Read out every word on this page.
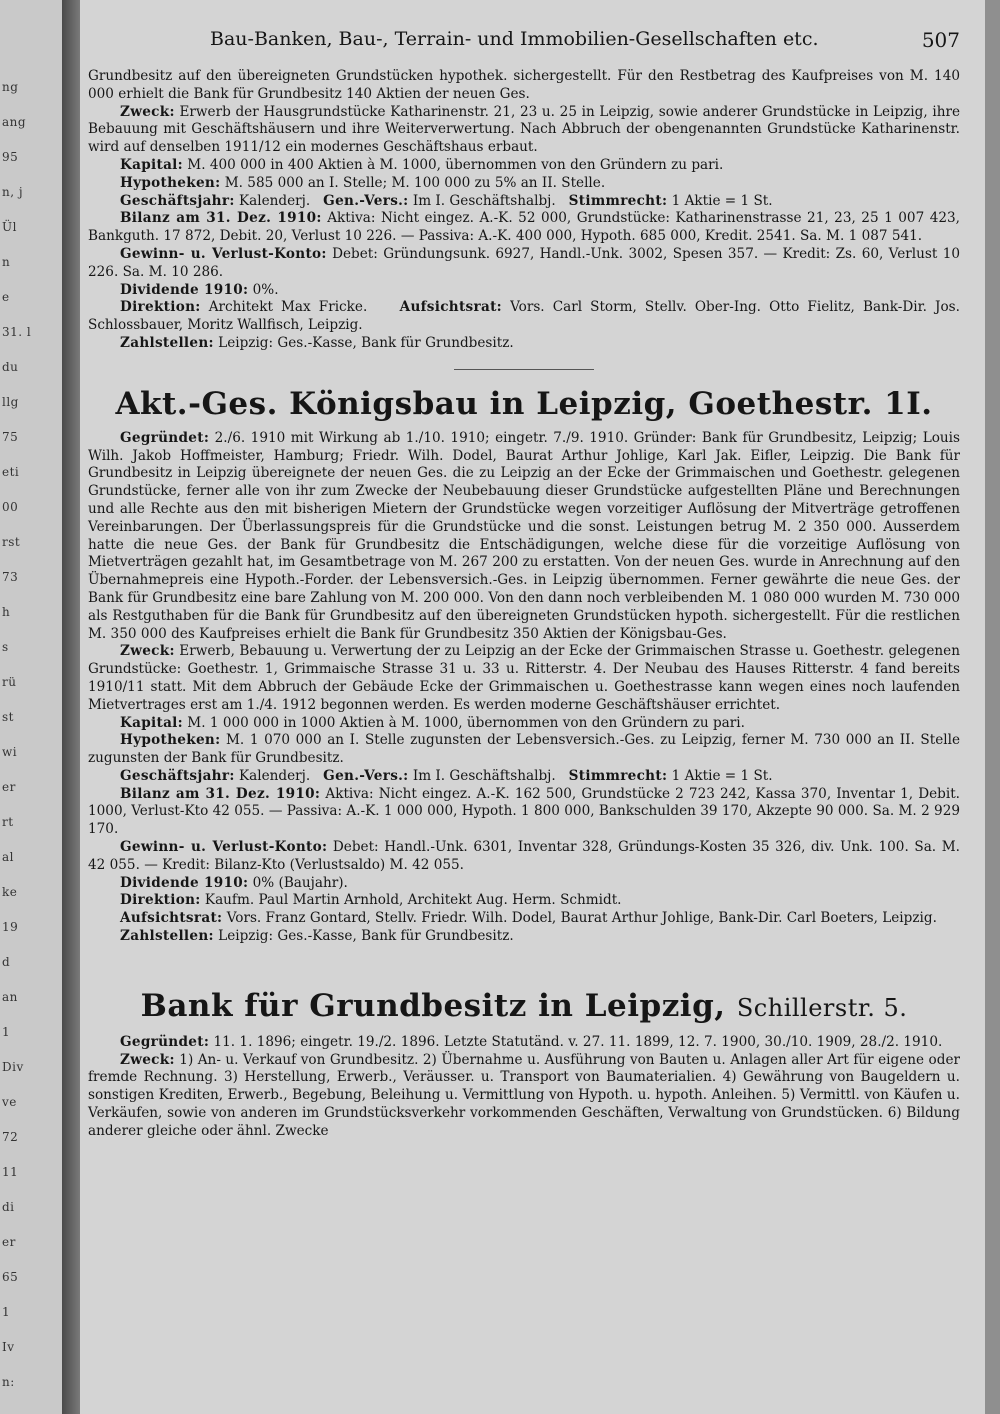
ng
ang
95
n, j
Ül
n
e
31. l
du
llg
75
eti
00
rst
73
h
s
rü
st
wi
er
rt
al
ke
19
d
an
1
Div
ve
72
11
di
er
65
1
Iv
n:
Bau-Banken, Bau-, Terrain- und Immobilien-Gesellschaften etc.	507

Grundbesitz auf den übereigneten Grundstücken hypothek. sichergestellt. Für den Restbetrag des Kaufpreises von M. 140 000 erhielt die Bank für Grundbesitz 140 Aktien der neuen Ges.

Zweck: Erwerb der Hausgrundstücke Katharinenstr. 21, 23 u. 25 in Leipzig, sowie anderer Grundstücke in Leipzig, ihre Bebauung mit Geschäftshäusern und ihre Weiterverwertung. Nach Abbruch der obengenannten Grundstücke Katharinenstr. wird auf denselben 1911/12 ein modernes Geschäftshaus erbaut.

Kapital: M. 400 000 in 400 Aktien à M. 1000, übernommen von den Gründern zu pari.

Hypotheken: M. 585 000 an I. Stelle; M. 100 000 zu 5% an II. Stelle.

Geschäftsjahr: Kalenderj. Gen.-Vers.: Im I. Geschäftshalbj. Stimmrecht: 1 Aktie = 1 St.

Bilanz am 31. Dez. 1910: Aktiva: Nicht eingez. A.-K. 52 000, Grundstücke: Katharinenstrasse 21, 23, 25 1 007 423, Bankguth. 17 872, Debit. 20, Verlust 10 226. — Passiva: A.-K. 400 000, Hypoth. 685 000, Kredit. 2541. Sa. M. 1 087 541.

Gewinn- u. Verlust-Konto: Debet: Gründungsunk. 6927, Handl.-Unk. 3002, Spesen 357. — Kredit: Zs. 60, Verlust 10 226. Sa. M. 10 286.

Dividende 1910: 0%.

Direktion: Architekt Max Fricke. Aufsichtsrat: Vors. Carl Storm, Stellv. Ober-Ing. Otto Fielitz, Bank-Dir. Jos. Schlossbauer, Moritz Wallfisch, Leipzig.

Zahlstellen: Leipzig: Ges.-Kasse, Bank für Grundbesitz.

Akt.-Ges. Königsbau in Leipzig, Goethestr. 1I.

Gegründet: 2./6. 1910 mit Wirkung ab 1./10. 1910; eingetr. 7./9. 1910. Gründer: Bank für Grundbesitz, Leipzig; Louis Wilh. Jakob Hoffmeister, Hamburg; Friedr. Wilh. Dodel, Baurat Arthur Johlige, Karl Jak. Eifler, Leipzig. Die Bank für Grundbesitz in Leipzig übereignete der neuen Ges. die zu Leipzig an der Ecke der Grimmaischen und Goethestr. gelegenen Grundstücke, ferner alle von ihr zum Zwecke der Neubebauung dieser Grundstücke aufgestellten Pläne und Berechnungen und alle Rechte aus den mit bisherigen Mietern der Grundstücke wegen vorzeitiger Auflösung der Mitverträge getroffenen Vereinbarungen. Der Überlassungspreis für die Grundstücke und die sonst. Leistungen betrug M. 2 350 000. Ausserdem hatte die neue Ges. der Bank für Grundbesitz die Entschädigungen, welche diese für die vorzeitige Auflösung von Mietverträgen gezahlt hat, im Gesamtbetrage von M. 267 200 zu erstatten. Von der neuen Ges. wurde in Anrechnung auf den Übernahmepreis eine Hypoth.-Forder. der Lebensversich.-Ges. in Leipzig übernommen. Ferner gewährte die neue Ges. der Bank für Grundbesitz eine bare Zahlung von M. 200 000. Von den dann noch verbleibenden M. 1 080 000 wurden M. 730 000 als Restguthaben für die Bank für Grundbesitz auf den übereigneten Grundstücken hypoth. sichergestellt. Für die restlichen M. 350 000 des Kaufpreises erhielt die Bank für Grundbesitz 350 Aktien der Königsbau-Ges.

Zweck: Erwerb, Bebauung u. Verwertung der zu Leipzig an der Ecke der Grimmaischen Strasse u. Goethestr. gelegenen Grundstücke: Goethestr. 1, Grimmaische Strasse 31 u. 33 u. Ritterstr. 4. Der Neubau des Hauses Ritterstr. 4 fand bereits 1910/11 statt. Mit dem Abbruch der Gebäude Ecke der Grimmaischen u. Goethestrasse kann wegen eines noch laufenden Mietvertrages erst am 1./4. 1912 begonnen werden. Es werden moderne Geschäftshäuser errichtet.

Kapital: M. 1 000 000 in 1000 Aktien à M. 1000, übernommen von den Gründern zu pari.

Hypotheken: M. 1 070 000 an I. Stelle zugunsten der Lebensversich.-Ges. zu Leipzig, ferner M. 730 000 an II. Stelle zugunsten der Bank für Grundbesitz.

Geschäftsjahr: Kalenderj. Gen.-Vers.: Im I. Geschäftshalbj. Stimmrecht: 1 Aktie = 1 St.

Bilanz am 31. Dez. 1910: Aktiva: Nicht eingez. A.-K. 162 500, Grundstücke 2 723 242, Kassa 370, Inventar 1, Debit. 1000, Verlust-Kto 42 055. — Passiva: A.-K. 1 000 000, Hypoth. 1 800 000, Bankschulden 39 170, Akzepte 90 000. Sa. M. 2 929 170.

Gewinn- u. Verlust-Konto: Debet: Handl.-Unk. 6301, Inventar 328, Gründungs-Kosten 35 326, div. Unk. 100. Sa. M. 42 055. — Kredit: Bilanz-Kto (Verlustsaldo) M. 42 055.

Dividende 1910: 0% (Baujahr).

Direktion: Kaufm. Paul Martin Arnhold, Architekt Aug. Herm. Schmidt.

Aufsichtsrat: Vors. Franz Gontard, Stellv. Friedr. Wilh. Dodel, Baurat Arthur Johlige, Bank-Dir. Carl Boeters, Leipzig.

Zahlstellen: Leipzig: Ges.-Kasse, Bank für Grundbesitz.

Bank für Grundbesitz in Leipzig, Schillerstr. 5.

Gegründet: 11. 1. 1896; eingetr. 19./2. 1896. Letzte Statutänd. v. 27. 11. 1899, 12. 7. 1900, 30./10. 1909, 28./2. 1910.

Zweck: 1) An- u. Verkauf von Grundbesitz. 2) Übernahme u. Ausführung von Bauten u. Anlagen aller Art für eigene oder fremde Rechnung. 3) Herstellung, Erwerb., Veräusser. u. Transport von Baumaterialien. 4) Gewährung von Baugeldern u. sonstigen Krediten, Erwerb., Begebung, Beleihung u. Vermittlung von Hypoth. u. hypoth. Anleihen. 5) Vermittl. von Käufen u. Verkäufen, sowie von anderen im Grundstücksverkehr vorkommenden Geschäften, Verwaltung von Grundstücken. 6) Bildung anderer gleiche oder ähnl. Zwecke
